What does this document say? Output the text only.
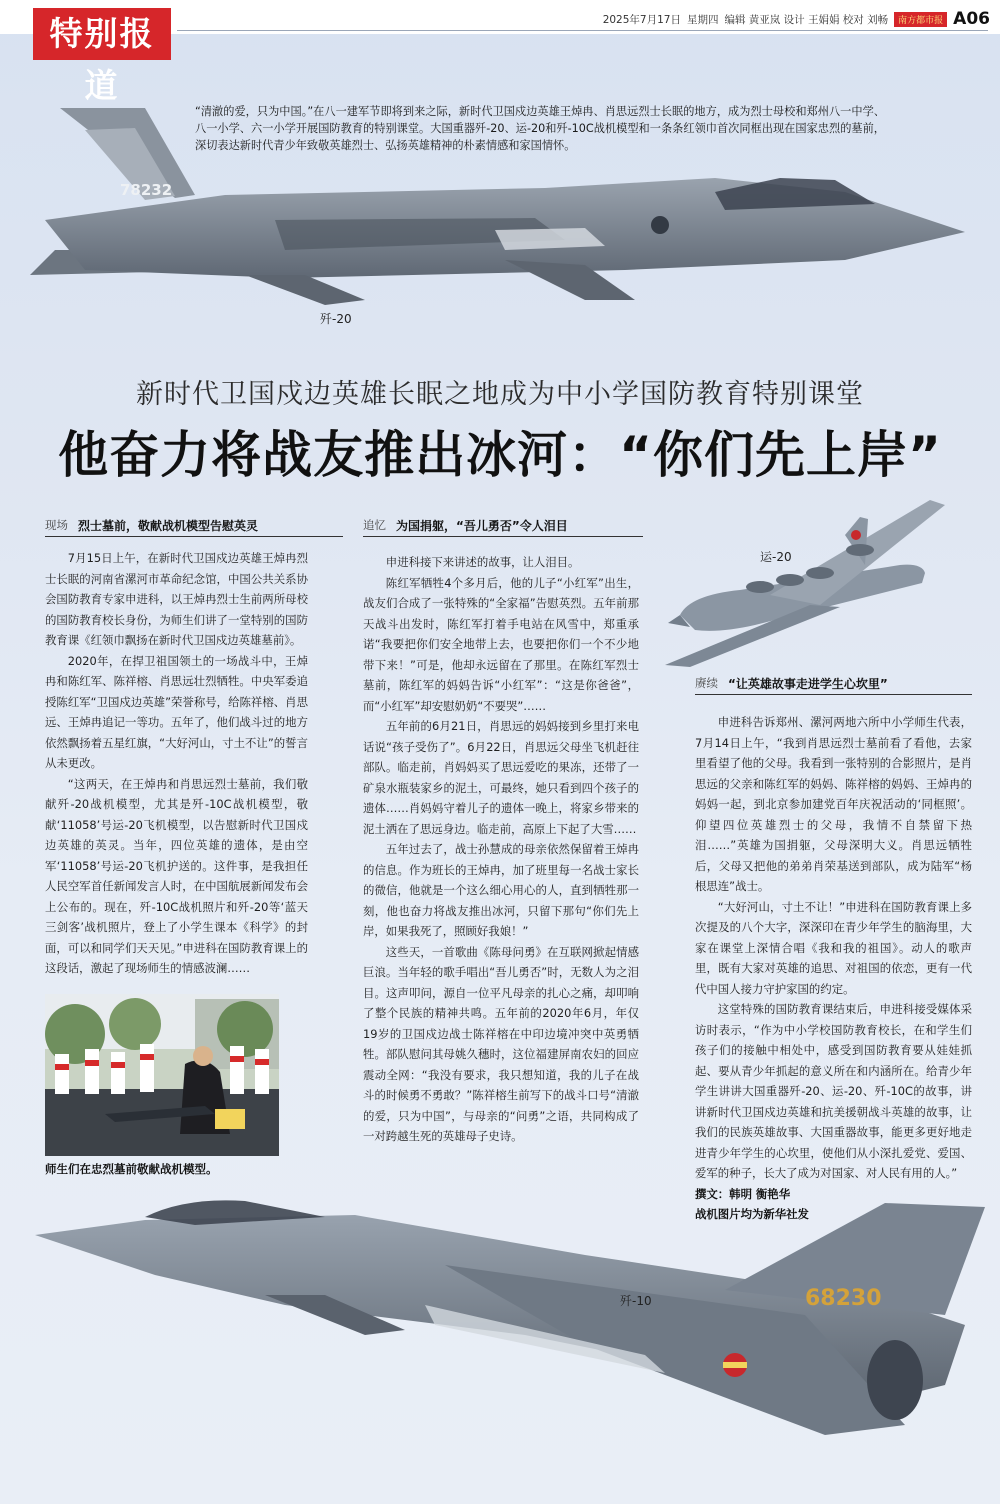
特别报道
2025年7月17日 星期四 编辑 黄亚岚 设计 王娟娟 校对 刘畅	南方都市报 A06
78232
歼-20
“清澈的爱，只为中国。”在八一建军节即将到来之际，新时代卫国戍边英雄王焯冉、肖思远烈士长眠的地方，成为烈士母校和郑州八一中学、八一小学、六一小学开展国防教育的特别课堂。大国重器歼-20、运-20和歼-10C战机模型和一条条红领巾首次同框出现在国家忠烈的墓前，深切表达新时代青少年致敬英雄烈士、弘扬英雄精神的朴素情感和家国情怀。
新时代卫国戍边英雄长眠之地成为中小学国防教育特别课堂
他奋力将战友推出冰河：“你们先上岸”
现场 烈士墓前，敬献战机模型告慰英灵

7月15日上午，在新时代卫国戍边英雄王焯冉烈士长眠的河南省漯河市革命纪念馆，中国公共关系协会国防教育专家申进科，以王焯冉烈士生前两所母校的国防教育校长身份，为师生们讲了一堂特别的国防教育课《红领巾飘扬在新时代卫国戍边英雄墓前》。

2020年，在捍卫祖国领土的一场战斗中，王焯冉和陈红军、陈祥榕、肖思远壮烈牺牲。中央军委追授陈红军“卫国戍边英雄”荣誉称号，给陈祥榕、肖思远、王焯冉追记一等功。五年了，他们战斗过的地方依然飘扬着五星红旗，“大好河山，寸土不让”的誓言从未更改。

“这两天，在王焯冉和肖思远烈士墓前，我们敬献歼-20战机模型，尤其是歼-10C战机模型，敬献‘11058’号运-20飞机模型，以告慰新时代卫国戍边英雄的英灵。当年，四位英雄的遗体，是由空军‘11058’号运-20飞机护送的。这件事，是我担任人民空军首任新闻发言人时，在中国航展新闻发布会上公布的。现在，歼-10C战机照片和歼-20等‘蓝天三剑客’战机照片，登上了小学生课本《科学》的封面，可以和同学们天天见。”申进科在国防教育课上的这段话，激起了现场师生的情感波澜……

师生们在忠烈墓前敬献战机模型。
追忆 为国捐躯，“吾儿勇否”令人泪目

申进科接下来讲述的故事，让人泪目。

陈红军牺牲4个多月后，他的儿子“小红军”出生，战友们合成了一张特殊的“全家福”告慰英烈。五年前那天战斗出发时，陈红军打着手电站在风雪中，郑重承诺“我要把你们安全地带上去，也要把你们一个不少地带下来！”可是，他却永远留在了那里。在陈红军烈士墓前，陈红军的妈妈告诉“小红军”：“这是你爸爸”，而“小红军”却安慰奶奶“不要哭”……

五年前的6月21日，肖思远的妈妈接到乡里打来电话说“孩子受伤了”。6月22日，肖思远父母坐飞机赶往部队。临走前，肖妈妈买了思远爱吃的果冻，还带了一矿泉水瓶装家乡的泥土，可最终，她只看到四个孩子的遗体……肖妈妈守着儿子的遗体一晚上，将家乡带来的泥土洒在了思远身边。临走前，高原上下起了大雪……

五年过去了，战士孙慧成的母亲依然保留着王焯冉的信息。作为班长的王焯冉，加了班里每一名战士家长的微信，他就是一个这么细心用心的人，直到牺牲那一刻，他也奋力将战友推出冰河，只留下那句“你们先上岸，如果我死了，照顾好我娘！”

这些天，一首歌曲《陈母问勇》在互联网掀起情感巨浪。当年轻的歌手唱出“吾儿勇否”时，无数人为之泪目。这声叩问，源自一位平凡母亲的扎心之痛，却叩响了整个民族的精神共鸣。五年前的2020年6月，年仅19岁的卫国戍边战士陈祥榕在中印边境冲突中英勇牺牲。部队慰问其母姚久穗时，这位福建屏南农妇的回应震动全网：“我没有要求，我只想知道，我的儿子在战斗的时候勇不勇敢？”陈祥榕生前写下的战斗口号“清澈的爱，只为中国”，与母亲的“问勇”之语，共同构成了一对跨越生死的英雄母子史诗。

运-20
赓续 “让英雄故事走进学生心坎里”

申进科告诉郑州、漯河两地六所中小学师生代表，7月14日上午，“我到肖思远烈士墓前看了看他，去家里看望了他的父母。我看到一张特别的合影照片，是肖思远的父亲和陈红军的妈妈、陈祥榕的妈妈、王焯冉的妈妈一起，到北京参加建党百年庆祝活动的‘同框照’。仰望四位英雄烈士的父母，我情不自禁留下热泪……”英雄为国捐躯，父母深明大义。肖思远牺牲后，父母又把他的弟弟肖荣基送到部队，成为陆军“杨根思连”战士。

“大好河山，寸土不让！”申进科在国防教育课上多次提及的八个大字，深深印在青少年学生的脑海里，大家在课堂上深情合唱《我和我的祖国》。动人的歌声里，既有大家对英雄的追思、对祖国的依恋，更有一代代中国人接力守护家国的约定。

这堂特殊的国防教育课结束后，申进科接受媒体采访时表示，“作为中小学校国防教育校长，在和学生们孩子们的接触中相处中，感受到国防教育要从娃娃抓起、要从青少年抓起的意义所在和内涵所在。给青少年学生讲讲大国重器歼-20、运-20、歼-10C的故事，讲讲新时代卫国戍边英雄和抗美援朝战斗英雄的故事，让我们的民族英雄故事、大国重器故事，能更多更好地走进青少年学生的心坎里，使他们从小深扎爱党、爱国、爱军的种子，长大了成为对国家、对人民有用的人。”

撰文：韩明 衡艳华

战机图片均为新华社发

68230
歼-10
